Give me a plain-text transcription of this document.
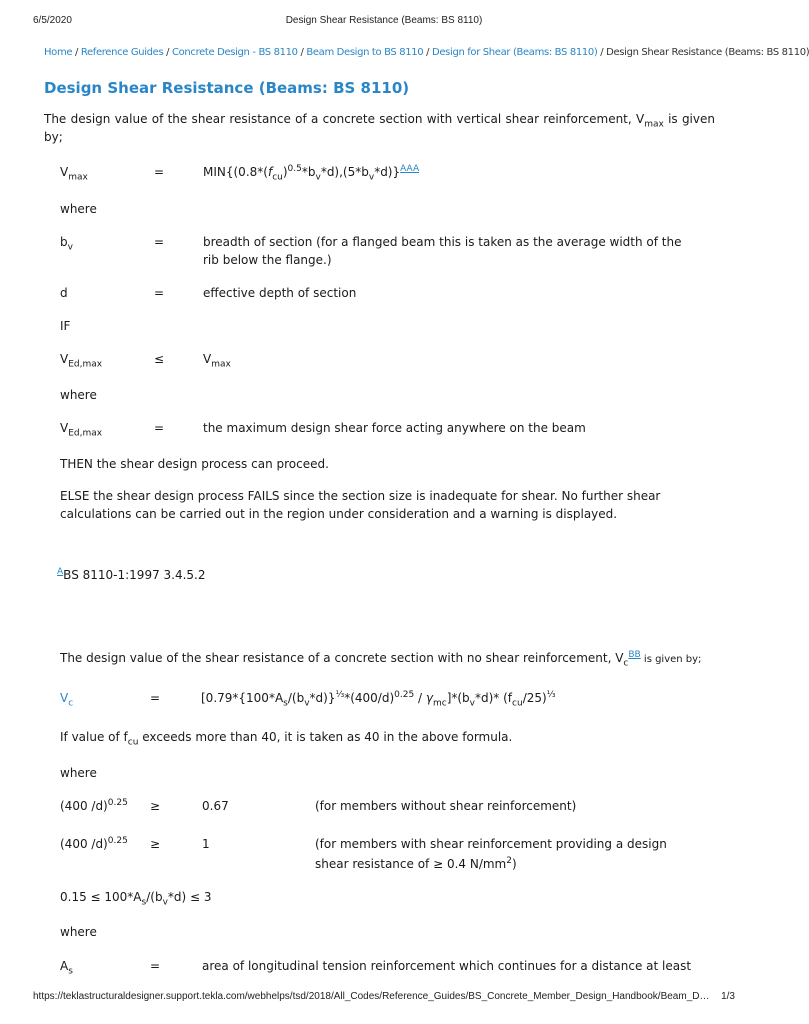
6/5/2020	Design Shear Resistance (Beams: BS 8110)
Home / Reference Guides / Concrete Design - BS 8110 / Beam Design to BS 8110 / Design for Shear (Beams: BS 8110) / Design Shear Resistance (Beams: BS 8110)
Design Shear Resistance (Beams: BS 8110)

The design value of the shear resistance of a concrete section with vertical shear reinforcement, $V_{max}$ is given by;

$V_{max}$	=	$MIN\{(0.8*(f_{cu})^{0.5}*b_v*d),(5*b_v*d)\}^{AAA}$
where
$b_v$	=	breadth of section (for a flanged beam this is taken as the average width of the rib below the flange.)
d	=	effective depth of section
IF
$V_{Ed,max}$	≤	$V_{max}$
where
$V_{Ed,max}$	=	the maximum design shear force acting anywhere on the beam
THEN the shear design process can proceed.
ELSE the shear design process FAILS since the section size is inadequate for shear. No further shear calculations can be carried out in the region under consideration and a warning is displayed.
$^A$BS 8110-1:1997 3.4.5.2
The design value of the shear resistance of a concrete section with no shear reinforcement, $V_c^{BB}$ is given by;
$V_c$	=	$[0.79*\{100*A_s/(b_v*d)\}^{\frac{1}{3}}*(400/d)^{0.25} / \gamma_{mc}]*(b_v*d)*$ $(f_{cu}/25)^{\frac{1}{3}}$
If value of $f_{cu}$ exceeds more than 40, it is taken as 40 in the above formula.
where
(400 /d)$^{0.25}$ ≥	0.67	(for members without shear reinforcement)
(400 /d)$^{0.25}$ ≥	1	(for members with shear reinforcement providing a design
shear resistance of ≥ 0.4 $N/mm^2$)
$0.15 \le 100*A_s/(b_v*d) \le 3$
where
$A_s$	=	area of longitudinal tension reinforcement which continues for a distance at least
https://teklastructuraldesigner.support.tekla.com/webhelps/tsd/2018/All_Codes/Reference_Guides/BS_Concrete_Member_Design_Handbook/Beam_D… 1/3
